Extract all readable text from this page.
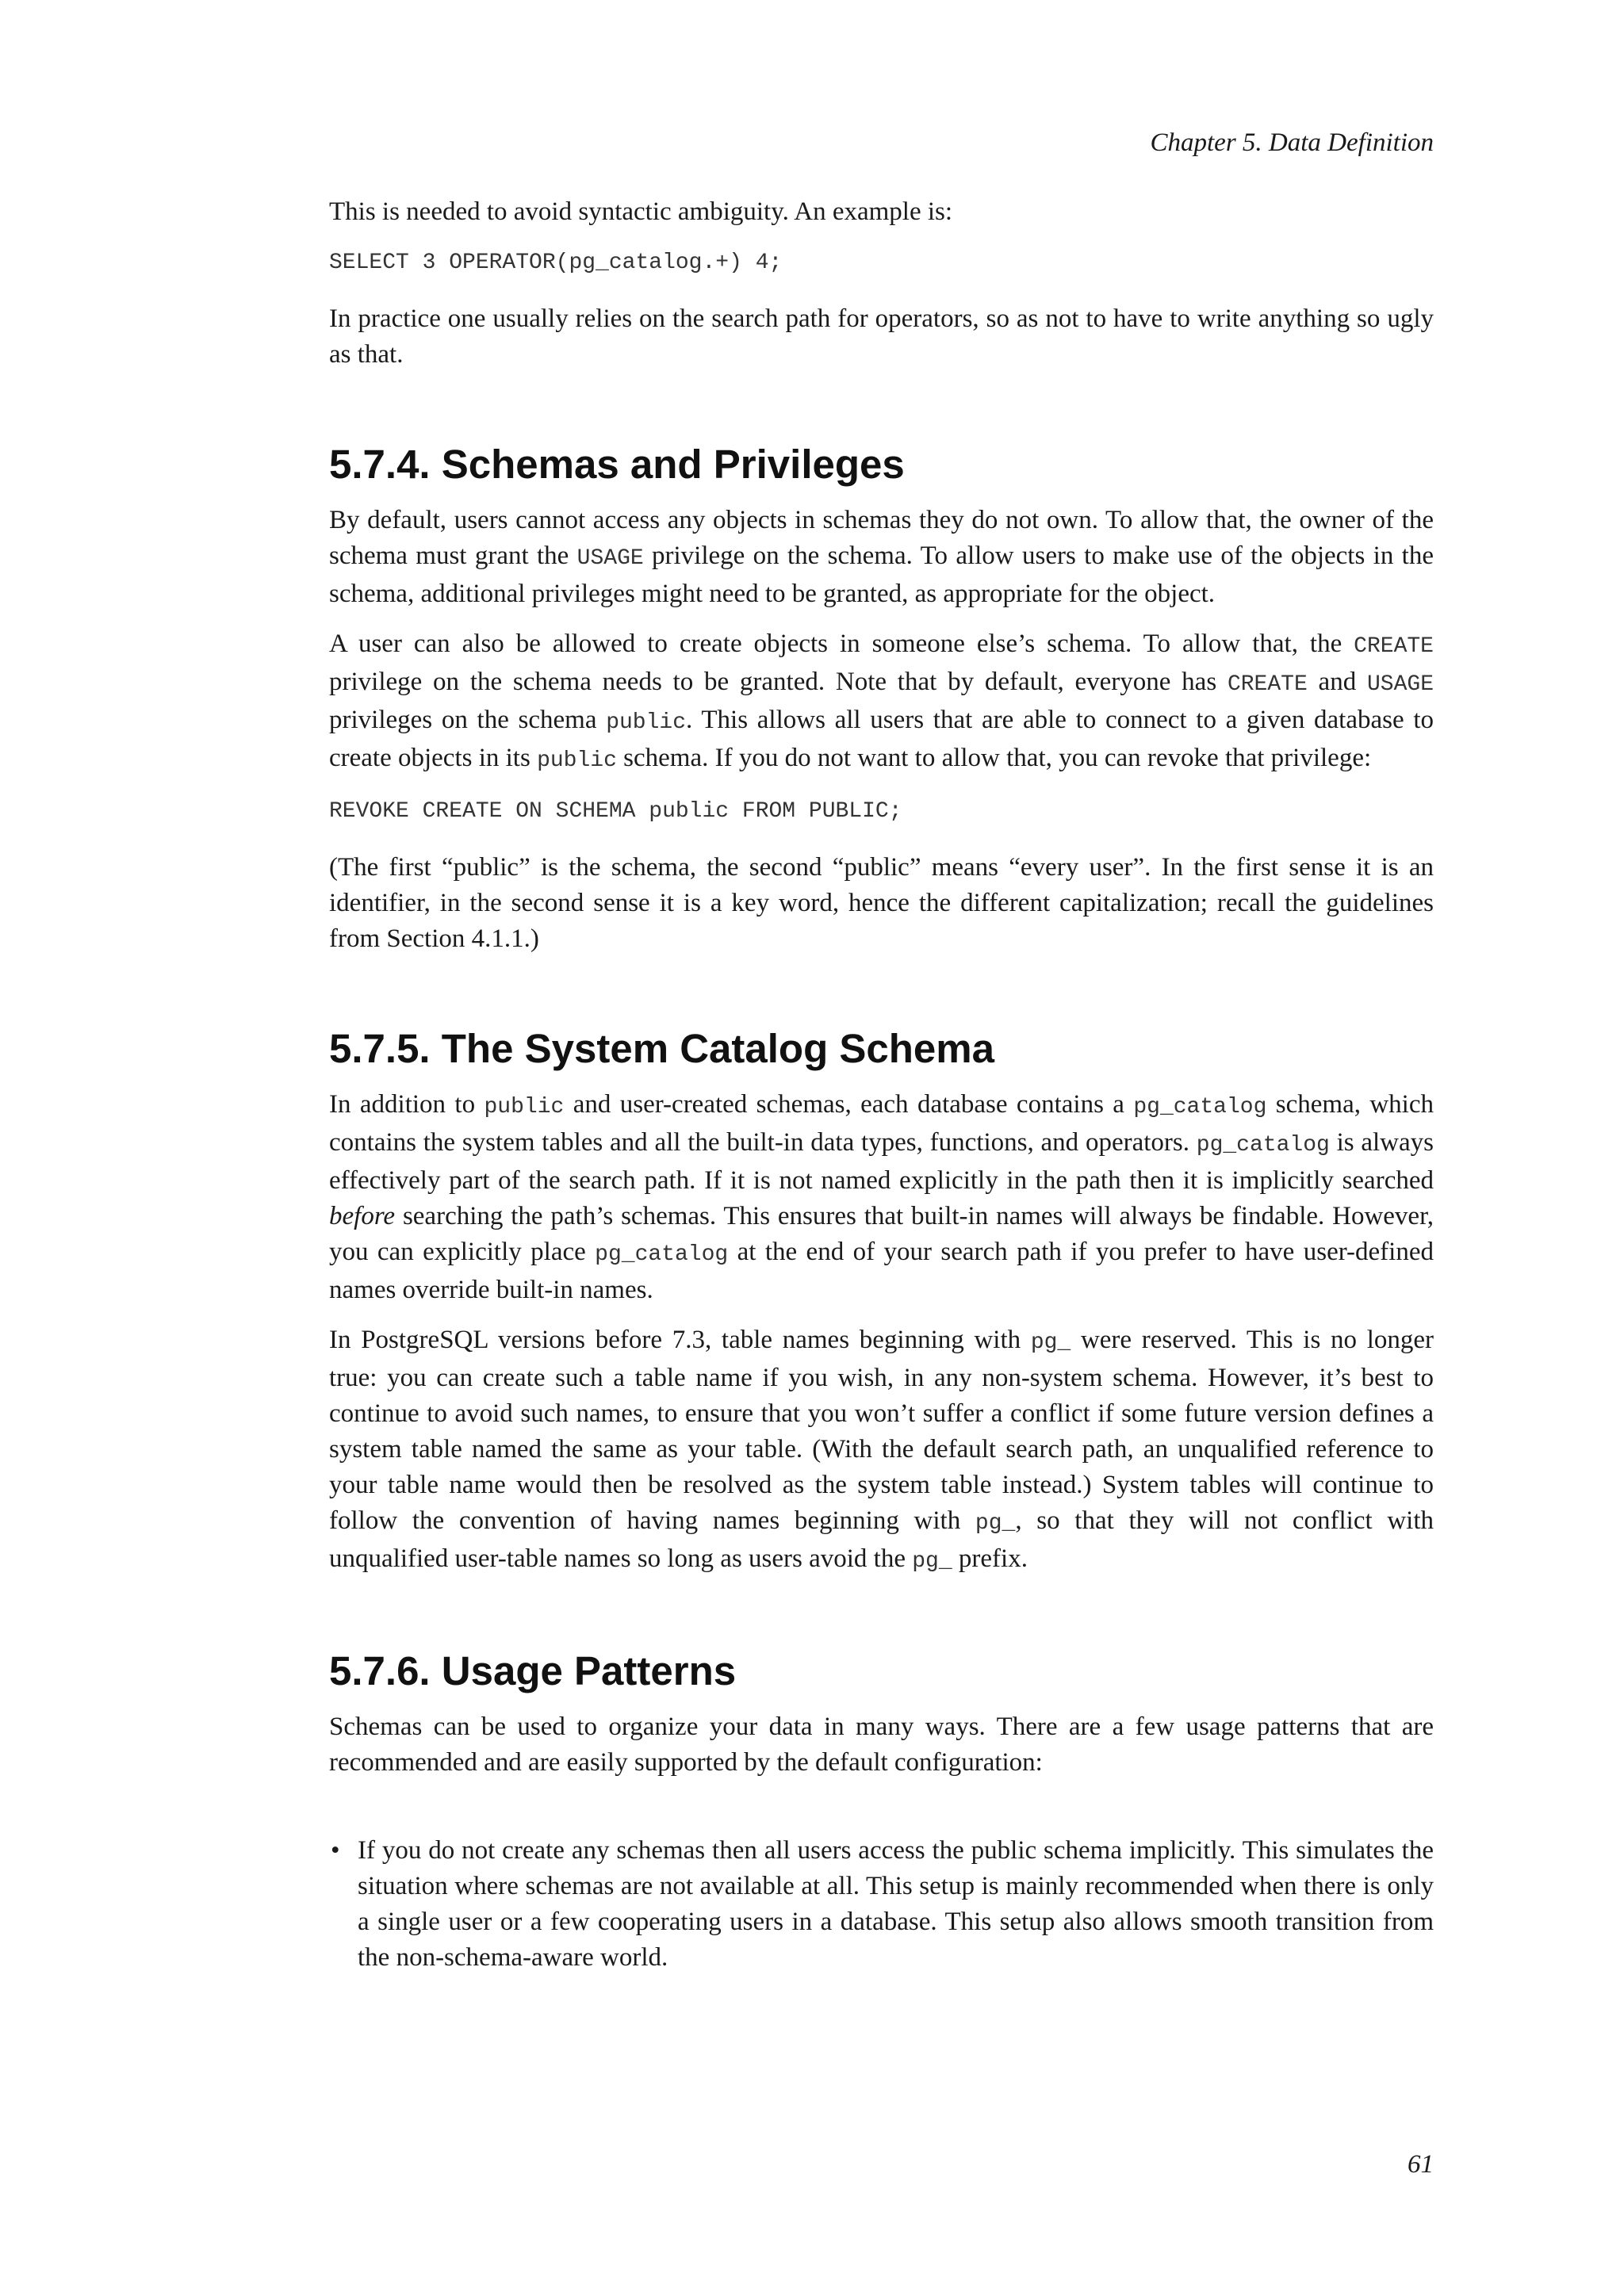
Chapter 5. Data Definition

This is needed to avoid syntactic ambiguity. An example is:

SELECT 3 OPERATOR(pg_catalog.+) 4;

In practice one usually relies on the search path for operators, so as not to have to write anything so ugly as that.

5.7.4. Schemas and Privileges

By default, users cannot access any objects in schemas they do not own. To allow that, the owner of the schema must grant the USAGE privilege on the schema. To allow users to make use of the objects in the schema, additional privileges might need to be granted, as appropriate for the object.

A user can also be allowed to create objects in someone else’s schema. To allow that, the CREATE privilege on the schema needs to be granted. Note that by default, everyone has CREATE and USAGE privileges on the schema public. This allows all users that are able to connect to a given database to create objects in its public schema. If you do not want to allow that, you can revoke that privilege:

REVOKE CREATE ON SCHEMA public FROM PUBLIC;

(The first “public” is the schema, the second “public” means “every user”. In the first sense it is an identifier, in the second sense it is a key word, hence the different capitalization; recall the guidelines from Section 4.1.1.)

5.7.5. The System Catalog Schema

In addition to public and user-created schemas, each database contains a pg_catalog schema, which contains the system tables and all the built-in data types, functions, and operators. pg_catalog is always effectively part of the search path. If it is not named explicitly in the path then it is implicitly searched before searching the path’s schemas. This ensures that built-in names will always be findable. However, you can explicitly place pg_catalog at the end of your search path if you prefer to have user-defined names override built-in names.

In PostgreSQL versions before 7.3, table names beginning with pg_ were reserved. This is no longer true: you can create such a table name if you wish, in any non-system schema. However, it’s best to continue to avoid such names, to ensure that you won’t suffer a conflict if some future version defines a system table named the same as your table. (With the default search path, an unqualified reference to your table name would then be resolved as the system table instead.) System tables will continue to follow the convention of having names beginning with pg_, so that they will not conflict with unqualified user-table names so long as users avoid the pg_ prefix.

5.7.6. Usage Patterns

Schemas can be used to organize your data in many ways. There are a few usage patterns that are recommended and are easily supported by the default configuration:

• If you do not create any schemas then all users access the public schema implicitly. This simulates the situation where schemas are not available at all. This setup is mainly recommended when there is only a single user or a few cooperating users in a database. This setup also allows smooth transition from the non-schema-aware world.
61
